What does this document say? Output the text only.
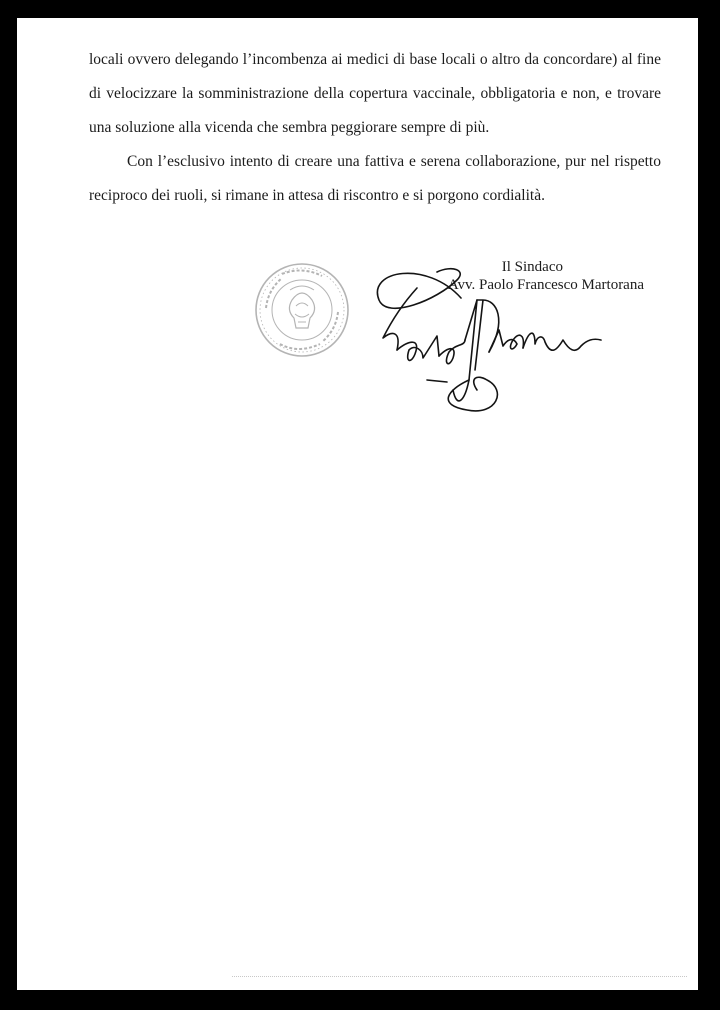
locali ovvero delegando l’incombenza ai medici di base locali o altro da concordare) al fine
di velocizzare la somministrazione della copertura vaccinale, obbligatoria e non, e trovare
una soluzione alla vicenda che sembra peggiorare sempre di più.

Con l’esclusivo intento di creare una fattiva e serena collaborazione, pur nel rispetto
reciproco dei ruoli, si rimane in attesa di riscontro e si porgono cordialità.

Il Sindaco
Avv. Paolo Francesco Martorana
